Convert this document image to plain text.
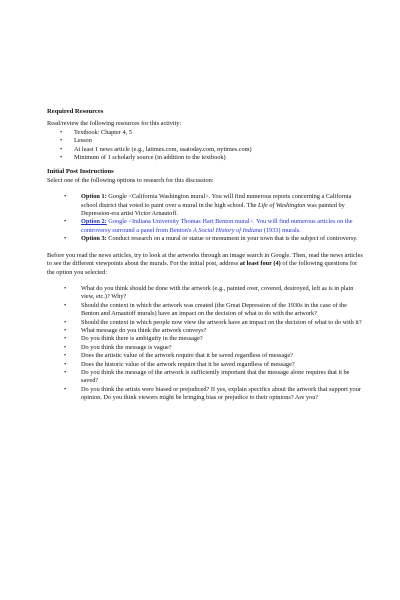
Required Resources

Read/review the following resources for this activity:

• Textbook: Chapter 4, 5
• Lesson
• At least 1 news article (e.g., latimes.com, usatoday.com, nytimes.com)
• Minimum of 1 scholarly source (in addition to the textbook)
Initial Post Instructions

Select one of the following options to research for this discussion:

• Option 1: Google <California Washington mural>. You will find numerous reports concerning a California school district that voted to paint over a mural in the high school. The Life of Washington was painted by Depression-era artist Victor Arnautoff.
• Option 2: Google <Indiana University Thomas Hart Benton mural>. You will find numerous articles on the controversy surround a panel from Benton's A Social History of Indiana (1933) murals.
• Option 3: Conduct research on a mural or statue or monument in your town that is the subject of controversy.

Before you read the news articles, try to look at the artworks through an image search in Google. Then, read the news articles to see the different viewpoints about the murals. For the initial post, address at least four (4) of the following questions for the option you selected:

• What do you think should be done with the artwork (e.g., painted over, covered, destroyed, left as is in plain view, etc.)? Why?
• Should the context in which the artwork was created (the Great Depression of the 1930s in the case of the Benton and Arnautoff murals) have an impact on the decision of what to do with the artwork?
• Should the context in which people now view the artwork have an impact on the decision of what to do with it?
• What message do you think the artwork conveys?
• Do you think there is ambiguity in the message?
• Do you think the message is vague?
• Does the artistic value of the artwork require that it be saved regardless of message?
• Does the historic value of the artwork require that it be saved regardless of message?
• Do you think the message of the artwork is sufficiently important that the message alone requires that it be saved?
• Do you think the artists were biased or prejudiced? If yes, explain specifics about the artwork that support your opinion. Do you think viewers might be bringing bias or prejudice to their opinions? Are you?
